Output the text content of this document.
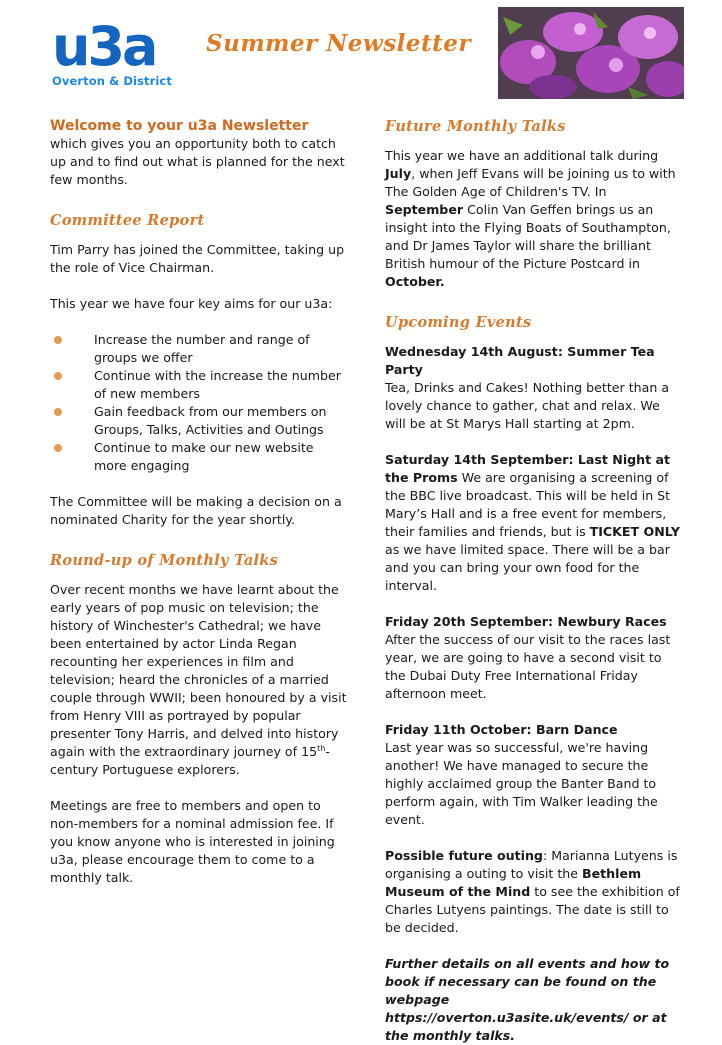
u3a
Overton & District
Summer Newsletter

Welcome to your u3a Newsletter which gives you an opportunity both to catch up and to find out what is planned for the next few months.

Committee Report

Tim Parry has joined the Committee, taking up the role of Vice Chairman.

This year we have four key aims for our u3a:

Increase the number and range of groups we offer
Continue with the increase the number of new members
Gain feedback from our members on Groups, Talks, Activities and Outings
Continue to make our new website more engaging

The Committee will be making a decision on a nominated Charity for the year shortly.

Round-up of Monthly Talks

Over recent months we have learnt about the early years of pop music on television; the history of Winchester's Cathedral; we have been entertained by actor Linda Regan recounting her experiences in film and television; heard the chronicles of a married couple through WWII; been honoured by a visit from Henry VIII as portrayed by popular presenter Tony Harris, and delved into history again with the extraordinary journey of 15th-century Portuguese explorers.

Meetings are free to members and open to non-members for a nominal admission fee. If you know anyone who is interested in joining u3a, please encourage them to come to a monthly talk.

Future Monthly Talks

This year we have an additional talk during July, when Jeff Evans will be joining us to with The Golden Age of Children's TV. In September Colin Van Geffen brings us an insight into the Flying Boats of Southampton, and Dr James Taylor will share the brilliant British humour of the Picture Postcard in October.

Upcoming Events

Wednesday 14th August: Summer Tea Party
Tea, Drinks and Cakes! Nothing better than a lovely chance to gather, chat and relax. We will be at St Marys Hall starting at 2pm.

Saturday 14th September: Last Night at the Proms We are organising a screening of the BBC live broadcast. This will be held in St Mary’s Hall and is a free event for members, their families and friends, but is TICKET ONLY as we have limited space. There will be a bar and you can bring your own food for the interval.

Friday 20th September: Newbury Races
After the success of our visit to the races last year, we are going to have a second visit to the Dubai Duty Free International Friday afternoon meet.

Friday 11th October: Barn Dance
Last year was so successful, we're having another! We have managed to secure the highly acclaimed group the Banter Band to perform again, with Tim Walker leading the event.

Possible future outing: Marianna Lutyens is organising a outing to visit the Bethlem Museum of the Mind to see the exhibition of Charles Lutyens paintings. The date is still to be decided.

Further details on all events and how to book if necessary can be found on the webpage https://overton.u3asite.uk/events/ or at the monthly talks.
